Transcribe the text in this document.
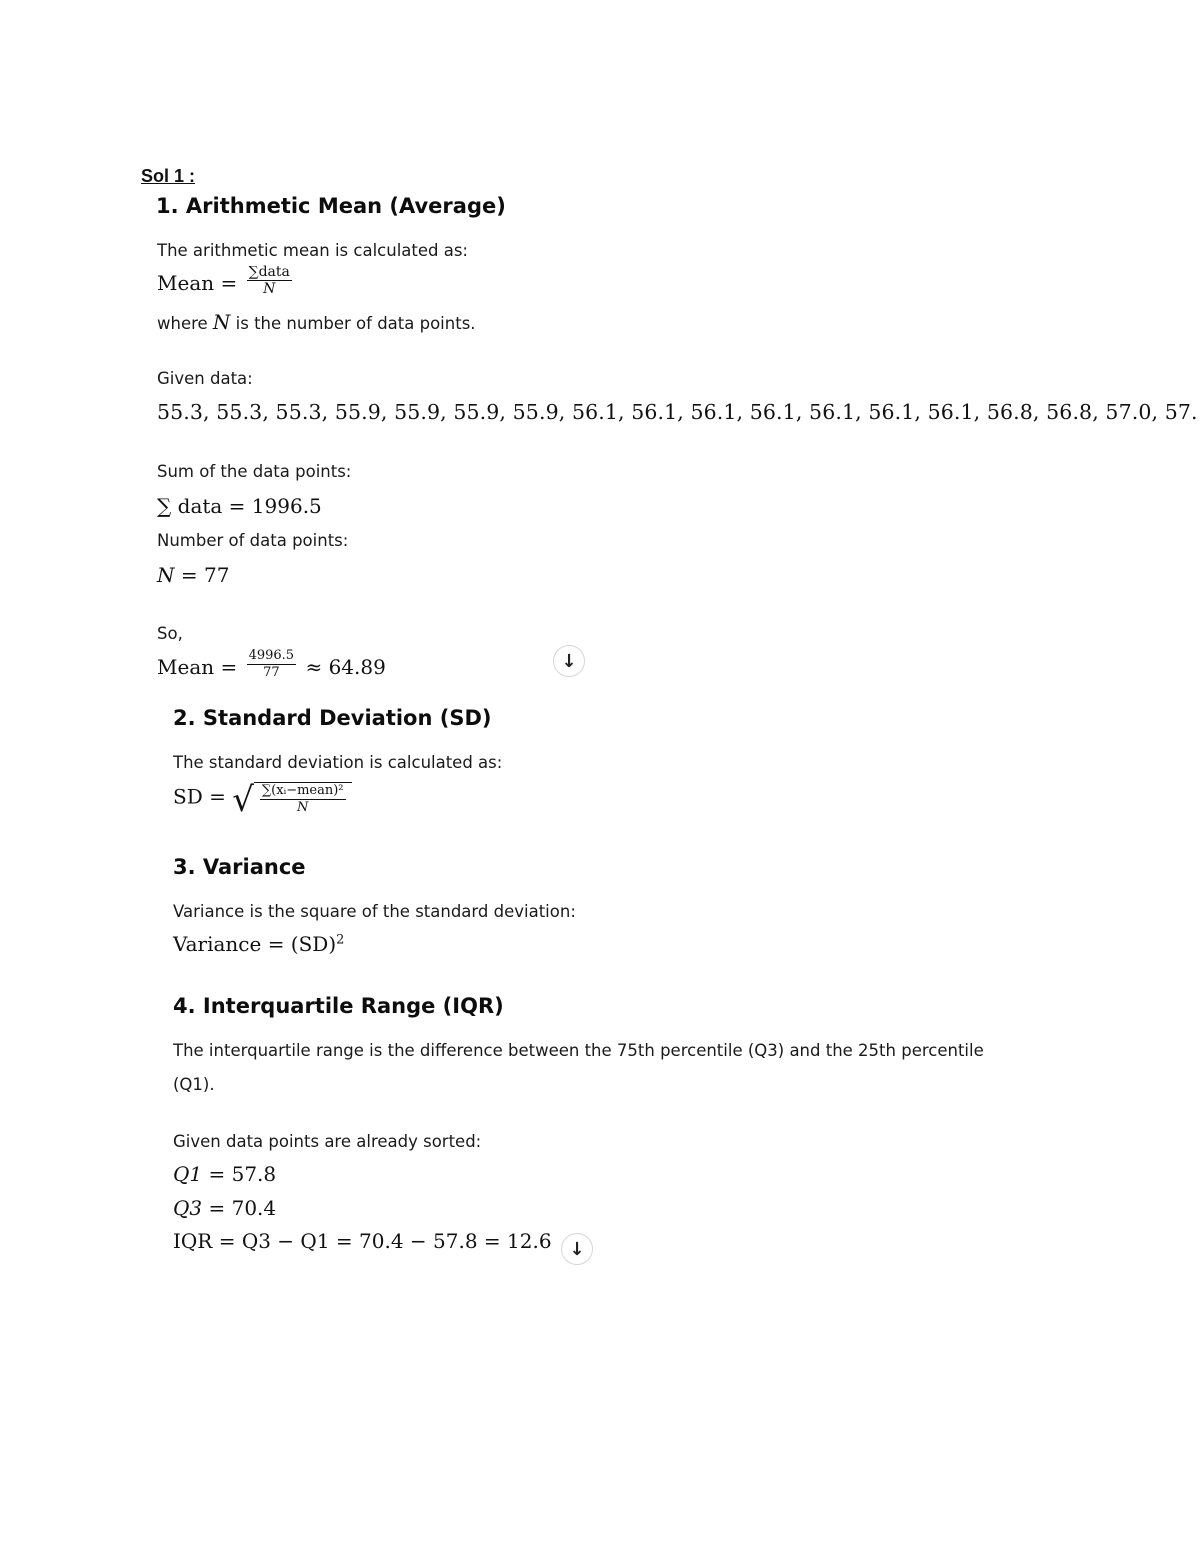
Sol 1 :
1. Arithmetic Mean (Average)
The arithmetic mean is calculated as:
Mean = $\frac{\text{∑data}}{N}$
where N is the number of data points.
Given data:
55.3, 55.3, 55.3, 55.9, 55.9, 55.9, 55.9, 56.1, 56.1, 56.1, 56.1, 56.1, 56.1, 56.1, 56.8, 56.8, 57.0, 57.
Sum of the data points:
∑ data = 1996.5
Number of data points:
N = 77
So,
Mean = $\frac{4996.5}{77} \approx 64.89$	↓
2. Standard Deviation (SD)
The standard deviation is calculated as:
SD = √ $\frac{\text{∑(xᵢ−mean)²}}{N}$
3. Variance
Variance is the square of the standard deviation:
Variance = (SD)$^2$
4. Interquartile Range (IQR)
The interquartile range is the difference between the 75th percentile (Q3) and the 25th percentile
(Q1).
Given data points are already sorted:
Q1 = 57.8
Q3 = 70.4
IQR = Q3 − Q1 = 70.4 − 57.8 = 12.6 ↓
